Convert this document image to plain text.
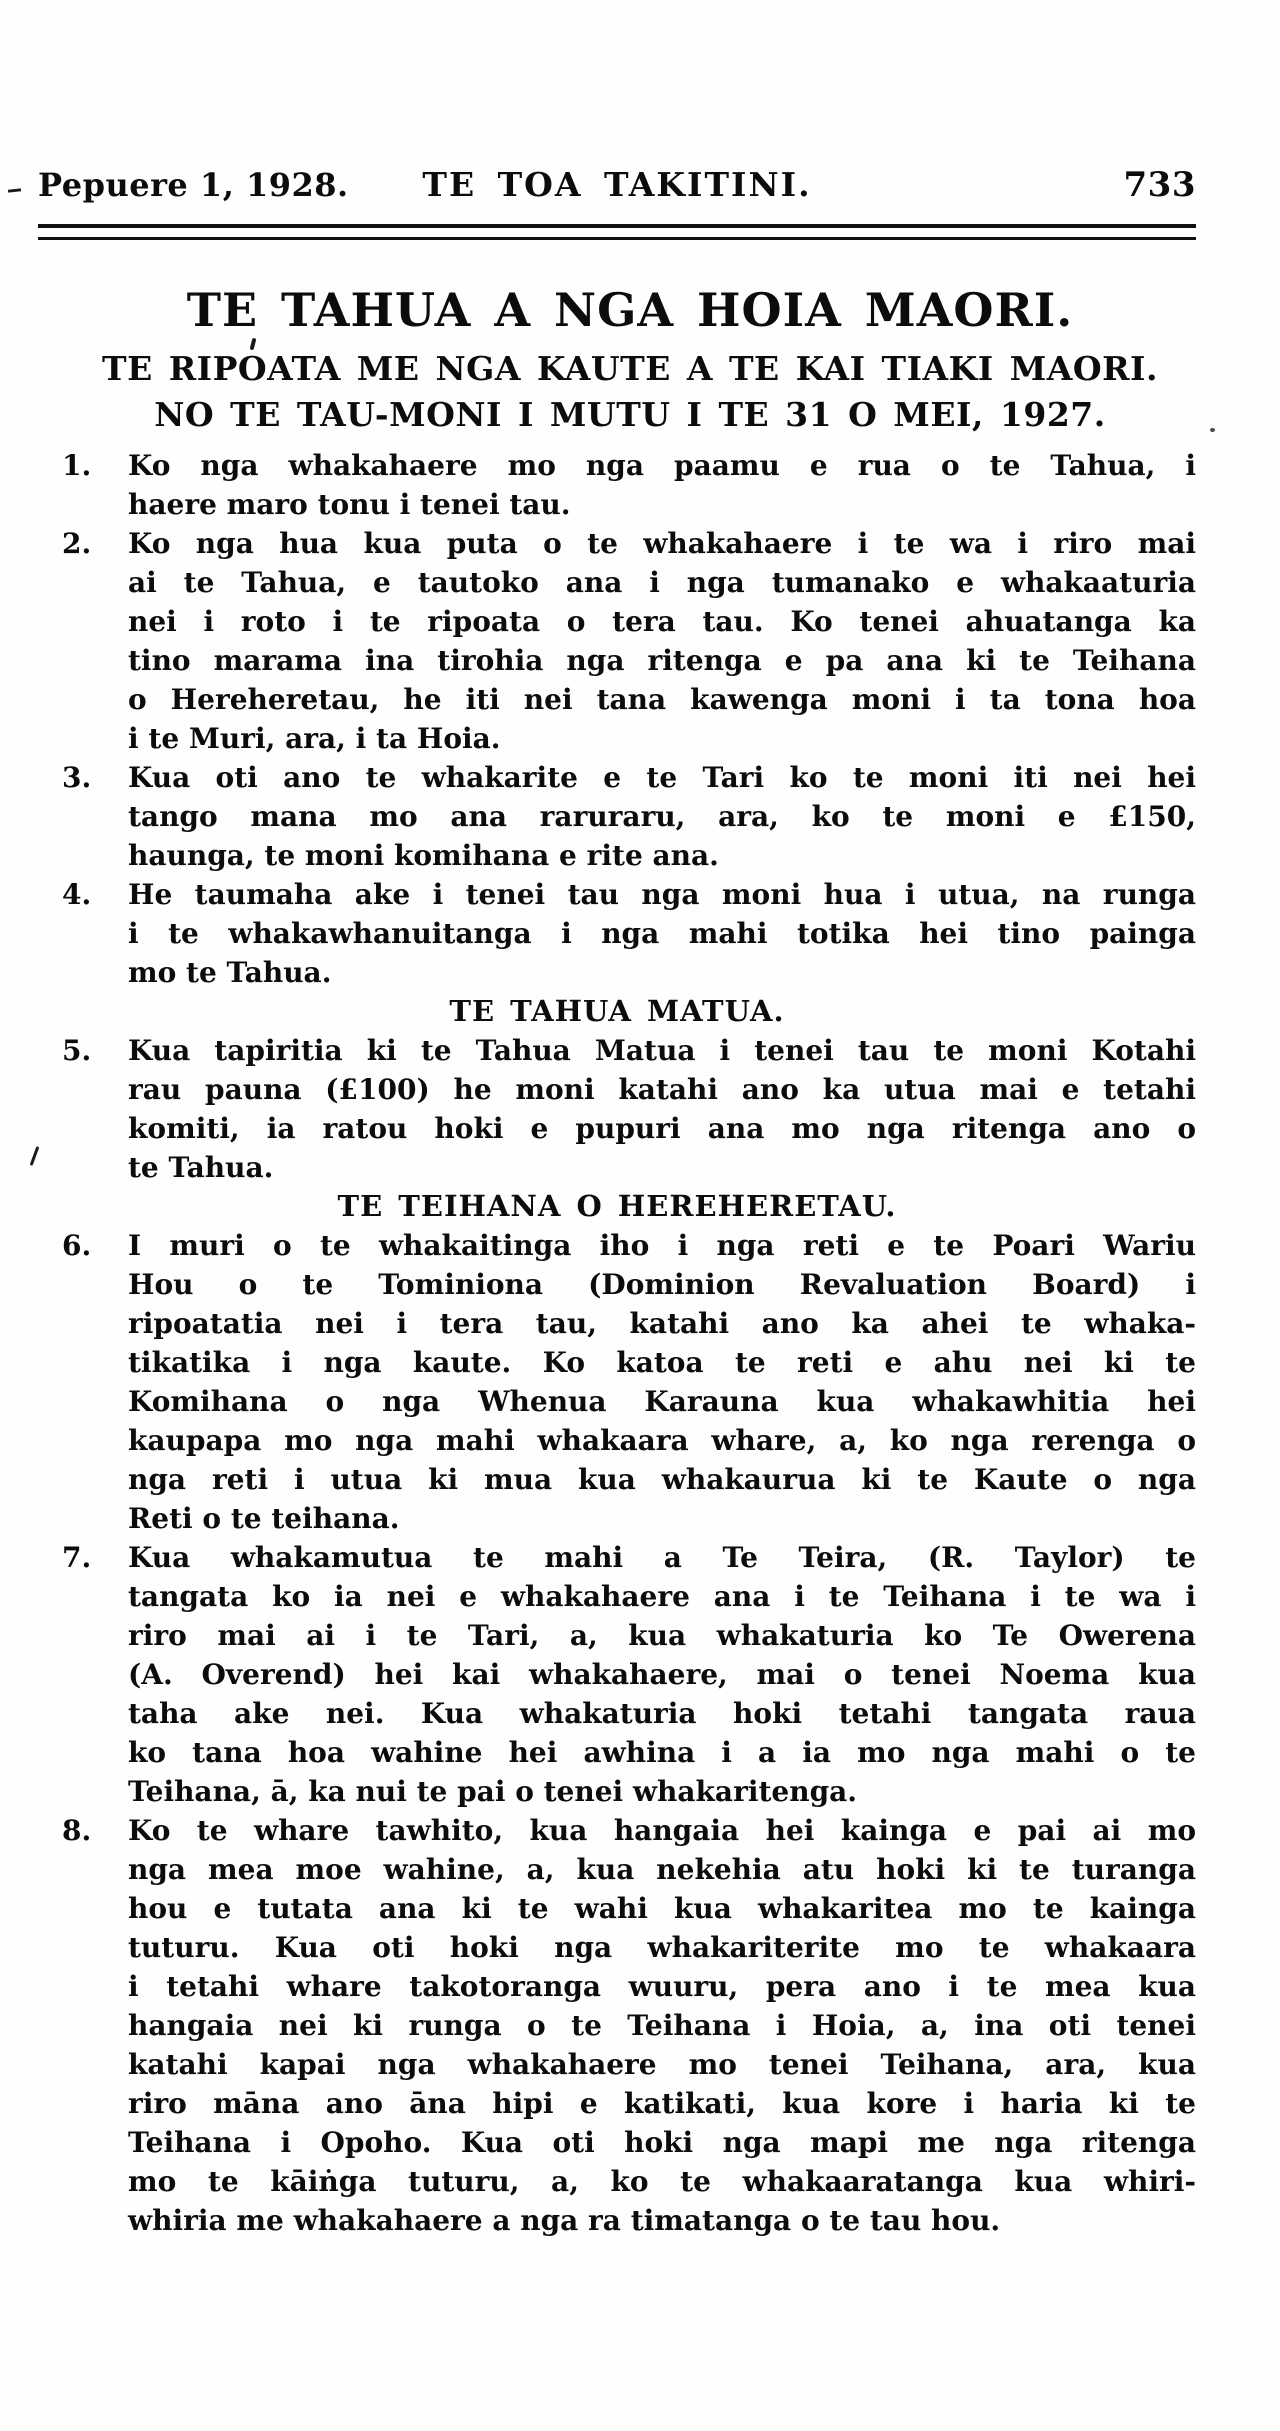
Pepuere 1, 1928.	TE TOA TAKITINI.	733
TE TAHUA A NGA HOIA MAORI.
TE RIPOATA ME NGA KAUTE A TE KAI TIAKI MAORI.
NO TE TAU-MONI I MUTU I TE 31 O MEI, 1927.
1. Ko nga whakahaere mo nga paamu e rua o te Tahua, i
haere maro tonu i tenei tau.
2. Ko nga hua kua puta o te whakahaere i te wa i riro mai
ai te Tahua, e tautoko ana i nga tumanako e whakaaturia
nei i roto i te ripoata o tera tau. Ko tenei ahuatanga ka
tino marama ina tirohia nga ritenga e pa ana ki te Teihana
o Hereheretau, he iti nei tana kawenga moni i ta tona hoa
i te Muri, ara, i ta Hoia.
3. Kua oti ano te whakarite e te Tari ko te moni iti nei hei
tango mana mo ana raruraru, ara, ko te moni e £150,
haunga, te moni komihana e rite ana.
4. He taumaha ake i tenei tau nga moni hua i utua, na runga
i te whakawhanuitanga i nga mahi totika hei tino painga
mo te Tahua.
TE TAHUA MATUA.
5. Kua tapiritia ki te Tahua Matua i tenei tau te moni Kotahi
rau pauna (£100) he moni katahi ano ka utua mai e tetahi
komiti, ia ratou hoki e pupuri ana mo nga ritenga ano o
te Tahua.
TE TEIHANA O HEREHERETAU.
6. I muri o te whakaitinga iho i nga reti e te Poari Wariu
Hou o te Tominiona (Dominion Revaluation Board) i
ripoatatia nei i tera tau, katahi ano ka ahei te whaka-
tikatika i nga kaute. Ko katoa te reti e ahu nei ki te
Komihana o nga Whenua Karauna kua whakawhitia hei
kaupapa mo nga mahi whakaara whare, a, ko nga rerenga o
nga reti i utua ki mua kua whakaurua ki te Kaute o nga
Reti o te teihana.
7. Kua whakamutua te mahi a Te Teira, (R. Taylor) te
tangata ko ia nei e whakahaere ana i te Teihana i te wa i
riro mai ai i te Tari, a, kua whakaturia ko Te Owerena
(A. Overend) hei kai whakahaere, mai o tenei Noema kua
taha ake nei. Kua whakaturia hoki tetahi tangata raua
ko tana hoa wahine hei awhina i a ia mo nga mahi o te
Teihana, ā, ka nui te pai o tenei whakaritenga.
8. Ko te whare tawhito, kua hangaia hei kainga e pai ai mo
nga mea moe wahine, a, kua nekehia atu hoki ki te turanga
hou e tutata ana ki te wahi kua whakaritea mo te kainga
tuturu. Kua oti hoki nga whakariterite mo te whakaara
i tetahi whare takotoranga wuuru, pera ano i te mea kua
hangaia nei ki runga o te Teihana i Hoia, a, ina oti tenei
katahi kapai nga whakahaere mo tenei Teihana, ara, kua
riro māna ano āna hipi e katikati, kua kore i haria ki te
Teihana i Opoho. Kua oti hoki nga mapi me nga ritenga
mo te kāiṅga tuturu, a, ko te whakaaratanga kua whiri-
whiria me whakahaere a nga ra timatanga o te tau hou.
